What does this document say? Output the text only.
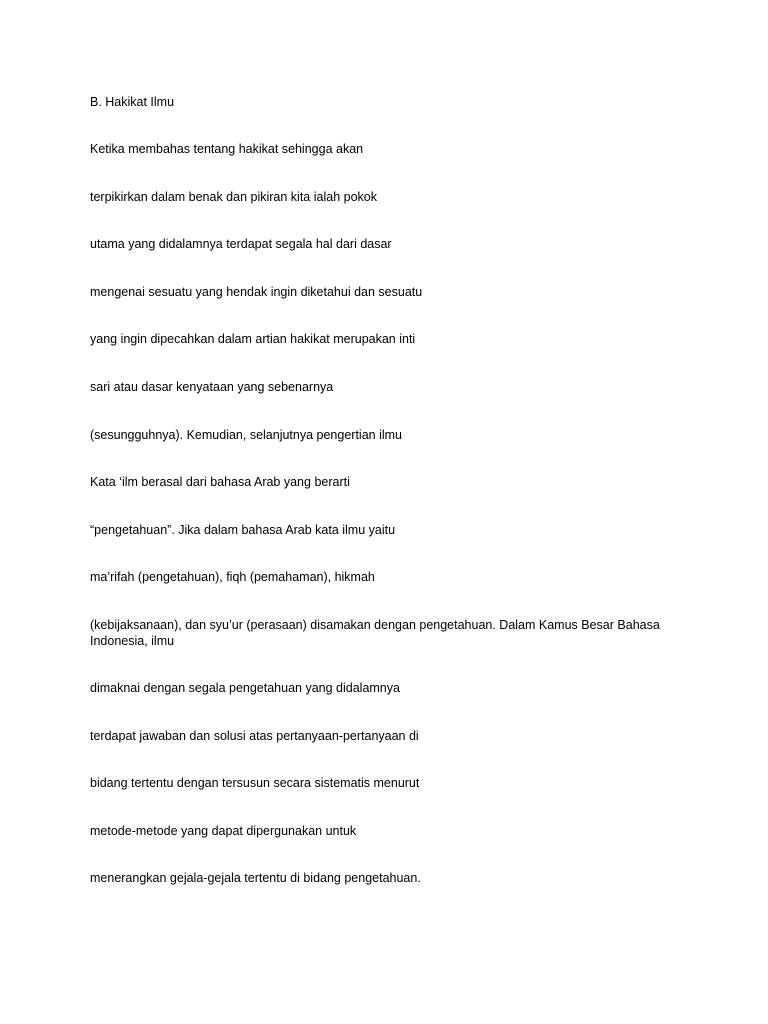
B. Hakikat Ilmu

Ketika membahas tentang hakikat sehingga akan

terpikirkan dalam benak dan pikiran kita ialah pokok

utama yang didalamnya terdapat segala hal dari dasar

mengenai sesuatu yang hendak ingin diketahui dan sesuatu

yang ingin dipecahkan dalam artian hakikat merupakan inti

sari atau dasar kenyataan yang sebenarnya

(sesungguhnya). Kemudian, selanjutnya pengertian ilmu

Kata ‘ilm berasal dari bahasa Arab yang berarti

“pengetahuan”. Jika dalam bahasa Arab kata ilmu yaitu

ma’rifah (pengetahuan), fiqh (pemahaman), hikmah

(kebijaksanaan), dan syu’ur (perasaan) disamakan dengan pengetahuan. Dalam Kamus Besar Bahasa Indonesia, ilmu

dimaknai dengan segala pengetahuan yang didalamnya

terdapat jawaban dan solusi atas pertanyaan-pertanyaan di

bidang tertentu dengan tersusun secara sistematis menurut

metode-metode yang dapat dipergunakan untuk

menerangkan gejala-gejala tertentu di bidang pengetahuan.
